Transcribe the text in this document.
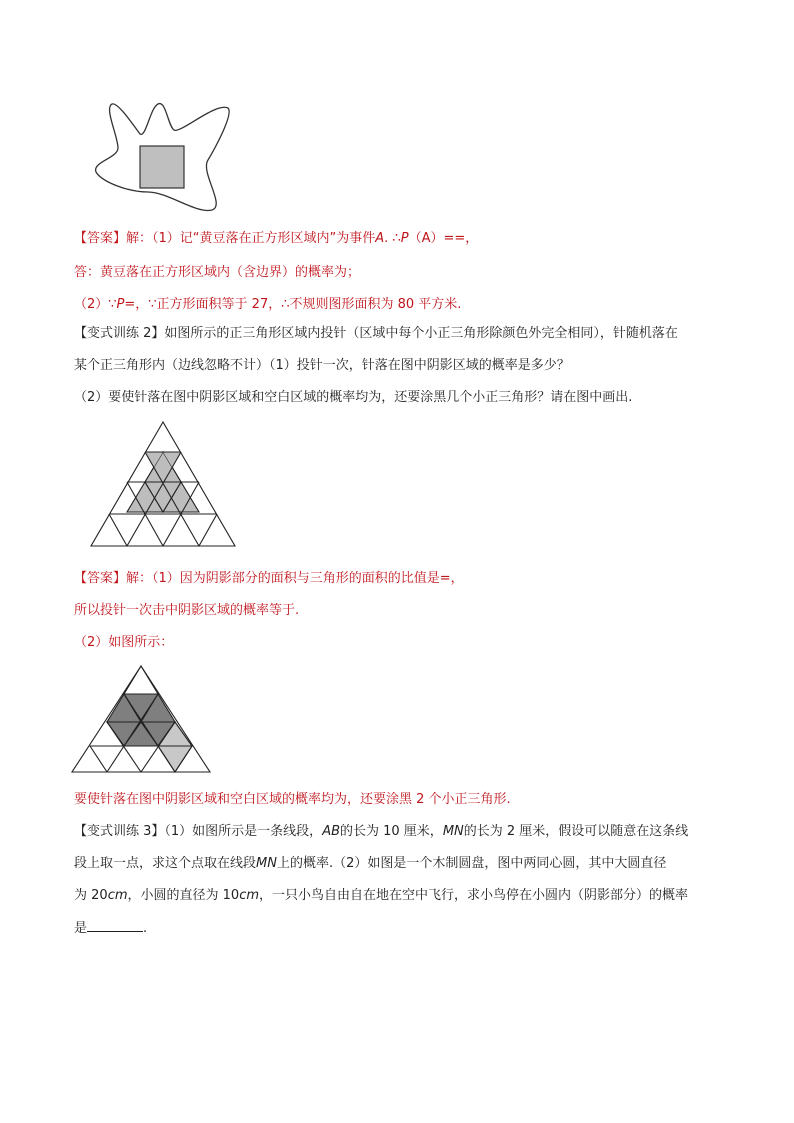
【答案】解：（1）记“黄豆落在正方形区域内”为事件A. ∴P（A）==，
答：黄豆落在正方形区域内（含边界）的概率为；
（2）∵P=，∵正方形面积等于 27，∴不规则图形面积为 80 平方米.
【变式训练 2】如图所示的正三角形区域内投针（区域中每个小正三角形除颜色外完全相同），针随机落在
某个正三角形内（边线忽略不计）（1）投针一次，针落在图中阴影区域的概率是多少？
（2）要使针落在图中阴影区域和空白区域的概率均为，还要涂黑几个小正三角形？请在图中画出.
【答案】解：（1）因为阴影部分的面积与三角形的面积的比值是=，
所以投针一次击中阴影区域的概率等于.
（2）如图所示：
要使针落在图中阴影区域和空白区域的概率均为，还要涂黑 2 个小正三角形.
【变式训练 3】（1）如图所示是一条线段，AB的长为 10 厘米，MN的长为 2 厘米，假设可以随意在这条线
段上取一点，求这个点取在线段MN上的概率.（2）如图是一个木制圆盘，图中两同心圆，其中大圆直径
为 20cm，小圆的直径为 10cm，一只小鸟自由自在地在空中飞行，求小鸟停在小圆内（阴影部分）的概率
是	.
